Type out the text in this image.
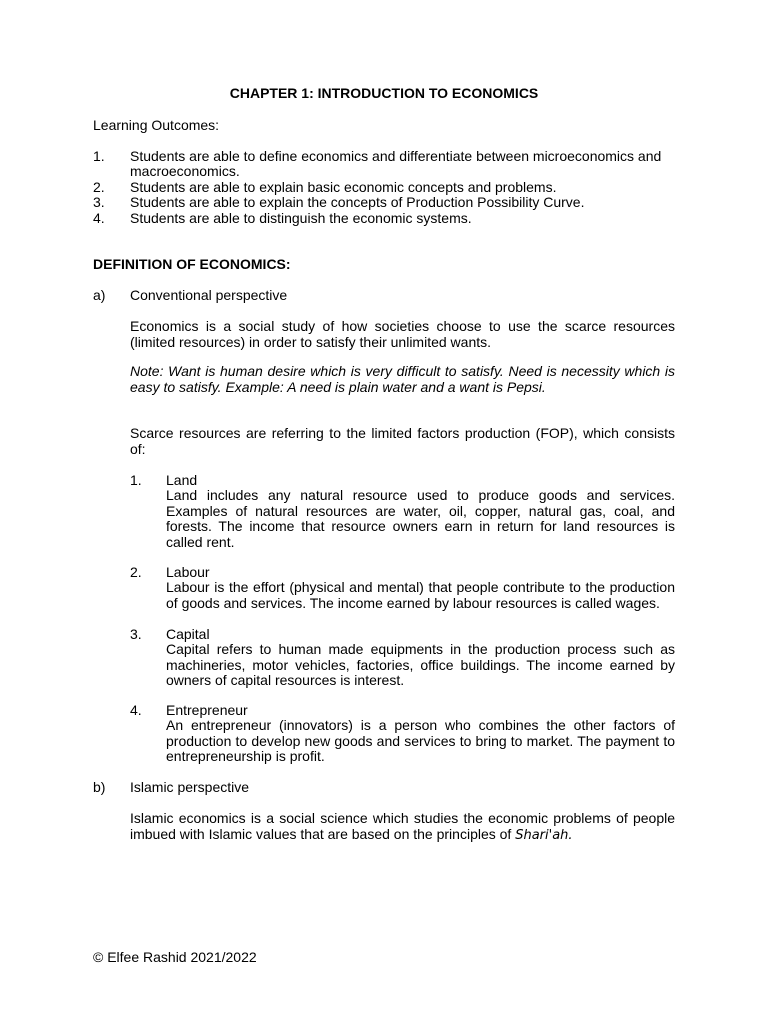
CHAPTER 1: INTRODUCTION TO ECONOMICS
Learning Outcomes:
1. Students are able to define economics and differentiate between microeconomics and
macroeconomics.
2. Students are able to explain basic economic concepts and problems.
3. Students are able to explain the concepts of Production Possibility Curve.
4. Students are able to distinguish the economic systems.
DEFINITION OF ECONOMICS:
a) Conventional perspective
Economics is a social study of how societies choose to use the scarce resources (limited resources) in order to satisfy their unlimited wants.
Note: Want is human desire which is very difficult to satisfy. Need is necessity which is easy to satisfy. Example: A need is plain water and a want is Pepsi.
Scarce resources are referring to the limited factors production (FOP), which consists of:
1. Land
Land includes any natural resource used to produce goods and services. Examples of natural resources are water, oil, copper, natural gas, coal, and forests. The income that resource owners earn in return for land resources is called rent.
2. Labour
Labour is the effort (physical and mental) that people contribute to the production of goods and services. The income earned by labour resources is called wages.
3. Capital
Capital refers to human made equipments in the production process such as machineries, motor vehicles, factories, office buildings. The income earned by owners of capital resources is interest.
4. Entrepreneur
An entrepreneur (innovators) is a person who combines the other factors of production to develop new goods and services to bring to market. The payment to entrepreneurship is profit.
b) Islamic perspective
Islamic economics is a social science which studies the economic problems of people imbued with Islamic values that are based on the principles of Shari'ah.
© Elfee Rashid 2021/2022
